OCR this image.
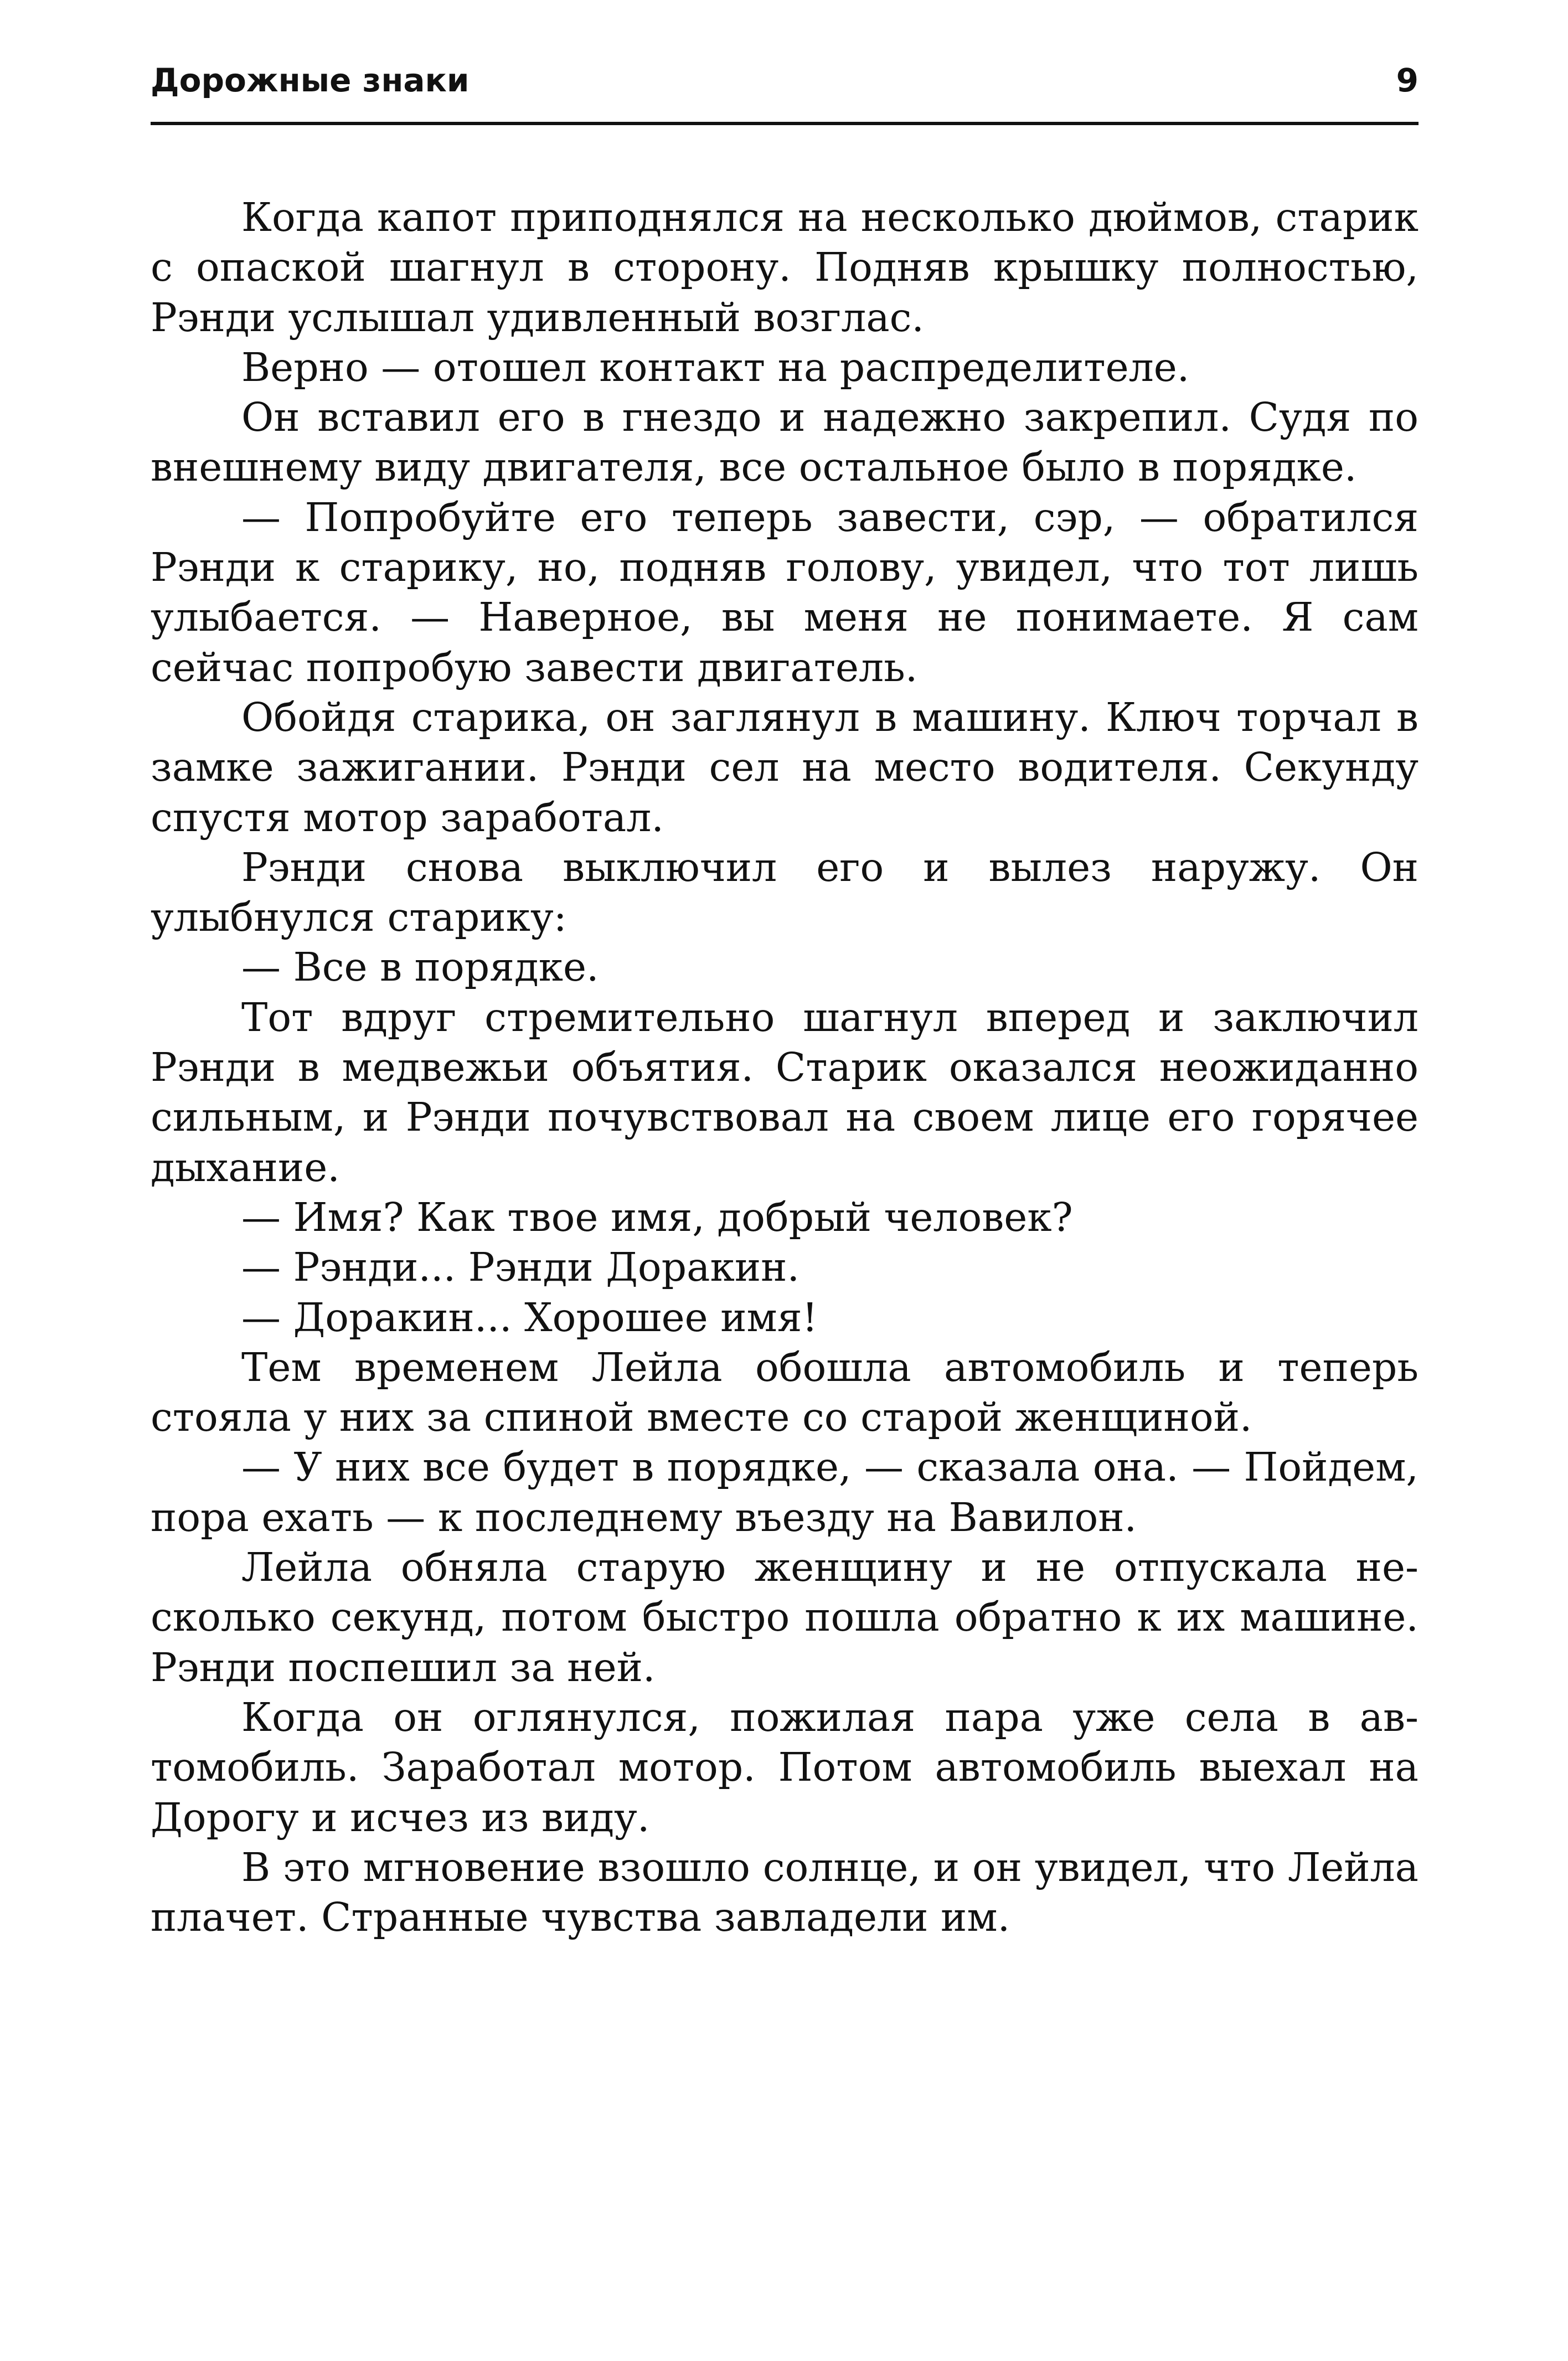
Дорожные знаки	9

Когда капот приподнялся на несколько дюймов, старик с опаской шагнул в сторону. Подняв крышку полностью, Рэнди услышал удивленный возглас.

Верно — отошел контакт на распределителе.

Он вставил его в гнездо и надежно закрепил. Судя по внешнему виду двигателя, все остальное было в порядке.

— Попробуйте его теперь завести, сэр, — обратился Рэнди к старику, но, подняв голову, увидел, что тот лишь улыбается. — Наверное, вы меня не понимаете. Я сам сейчас попробую завести двигатель.

Обойдя старика, он заглянул в машину. Ключ торчал в замке зажигании. Рэнди сел на место водителя. Секунду спустя мотор заработал.

Рэнди снова выключил его и вылез наружу. Он улыбнулся старику:

— Все в порядке.

Тот вдруг стремительно шагнул вперед и заключил Рэнди в медвежьи объятия. Старик оказался неожиданно сильным, и Рэнди почувствовал на своем лице его горячее дыхание.

— Имя? Как твое имя, добрый человек?

— Рэнди... Рэнди Доракин.

— Доракин... Хорошее имя!

Тем временем Лейла обошла автомобиль и теперь стояла у них за спиной вместе со старой женщиной.

— У них все будет в порядке, — сказала она. — Пойдем, пора ехать — к последнему въезду на Вавилон.

Лейла обняла старую женщину и не отпускала несколько секунд, потом быстро пошла обратно к их машине. Рэнди поспешил за ней.

Когда он оглянулся, пожилая пара уже села в автомобиль. Заработал мотор. Потом автомобиль выехал на Дорогу и исчез из виду.

В это мгновение взошло солнце, и он увидел, что Лейла плачет. Странные чувства завладели им.
